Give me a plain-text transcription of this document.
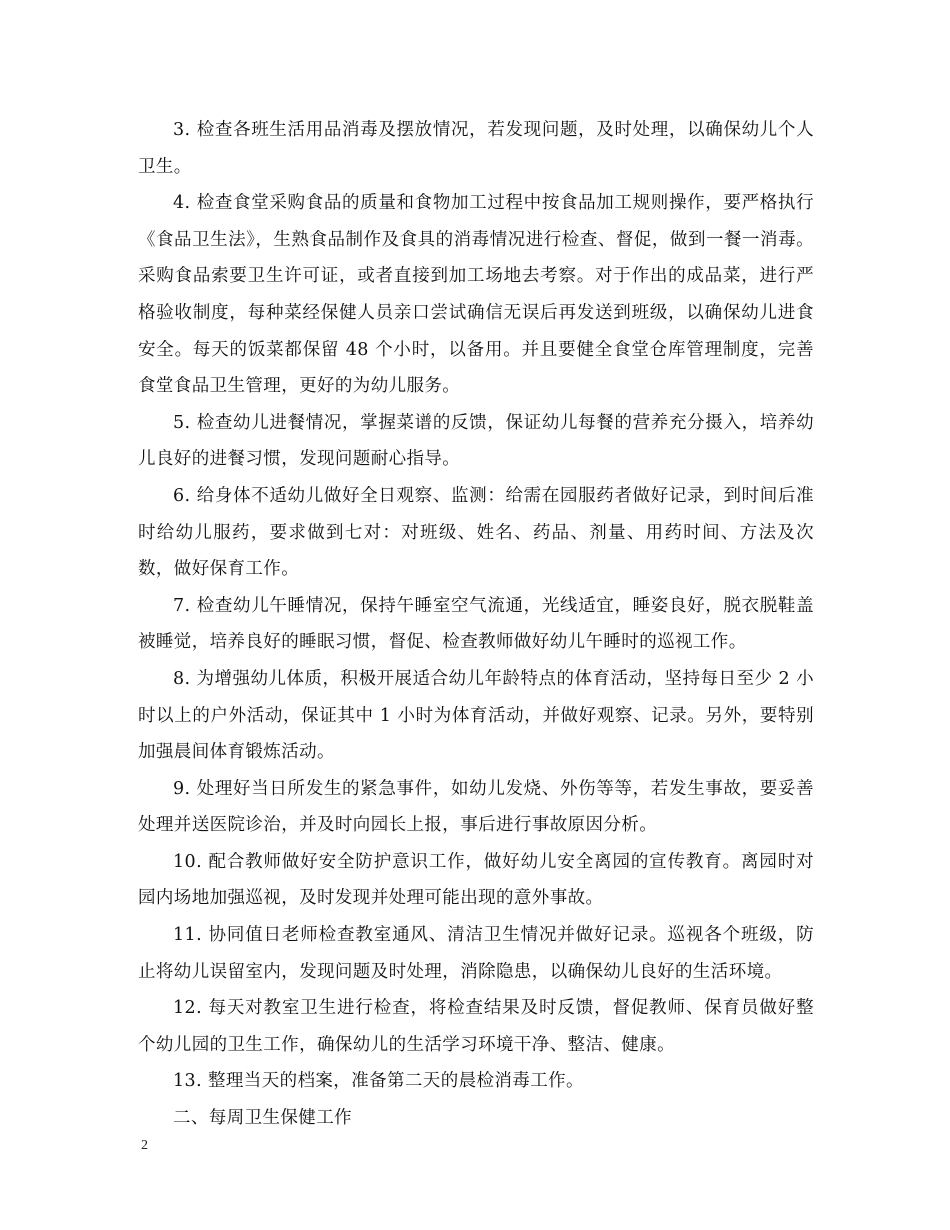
3. 检查各班生活用品消毒及摆放情况，若发现问题，及时处理，以确保幼儿个人卫生。

4. 检查食堂采购食品的质量和食物加工过程中按食品加工规则操作，要严格执行《食品卫生法》，生熟食品制作及食具的消毒情况进行检查、督促，做到一餐一消毒。采购食品索要卫生许可证，或者直接到加工场地去考察。对于作出的成品菜，进行严格验收制度，每种菜经保健人员亲口尝试确信无误后再发送到班级，以确保幼儿进食安全。每天的饭菜都保留 48 个小时，以备用。并且要健全食堂仓库管理制度，完善食堂食品卫生管理，更好的为幼儿服务。

5. 检查幼儿进餐情况，掌握菜谱的反馈，保证幼儿每餐的营养充分摄入，培养幼儿良好的进餐习惯，发现问题耐心指导。

6. 给身体不适幼儿做好全日观察、监测：给需在园服药者做好记录，到时间后准时给幼儿服药，要求做到七对：对班级、姓名、药品、剂量、用药时间、方法及次数，做好保育工作。

7. 检查幼儿午睡情况，保持午睡室空气流通，光线适宜，睡姿良好，脱衣脱鞋盖被睡觉，培养良好的睡眠习惯，督促、检查教师做好幼儿午睡时的巡视工作。

8. 为增强幼儿体质，积极开展适合幼儿年龄特点的体育活动，坚持每日至少 2 小时以上的户外活动，保证其中 1 小时为体育活动，并做好观察、记录。另外，要特别加强晨间体育锻炼活动。

9. 处理好当日所发生的紧急事件，如幼儿发烧、外伤等等，若发生事故，要妥善处理并送医院诊治，并及时向园长上报，事后进行事故原因分析。

10. 配合教师做好安全防护意识工作，做好幼儿安全离园的宣传教育。离园时对园内场地加强巡视，及时发现并处理可能出现的意外事故。

11. 协同值日老师检查教室通风、清洁卫生情况并做好记录。巡视各个班级，防止将幼儿误留室内，发现问题及时处理，消除隐患，以确保幼儿良好的生活环境。

12. 每天对教室卫生进行检查，将检查结果及时反馈，督促教师、保育员做好整个幼儿园的卫生工作，确保幼儿的生活学习环境干净、整洁、健康。

13. 整理当天的档案，准备第二天的晨检消毒工作。

二、每周卫生保健工作

2
